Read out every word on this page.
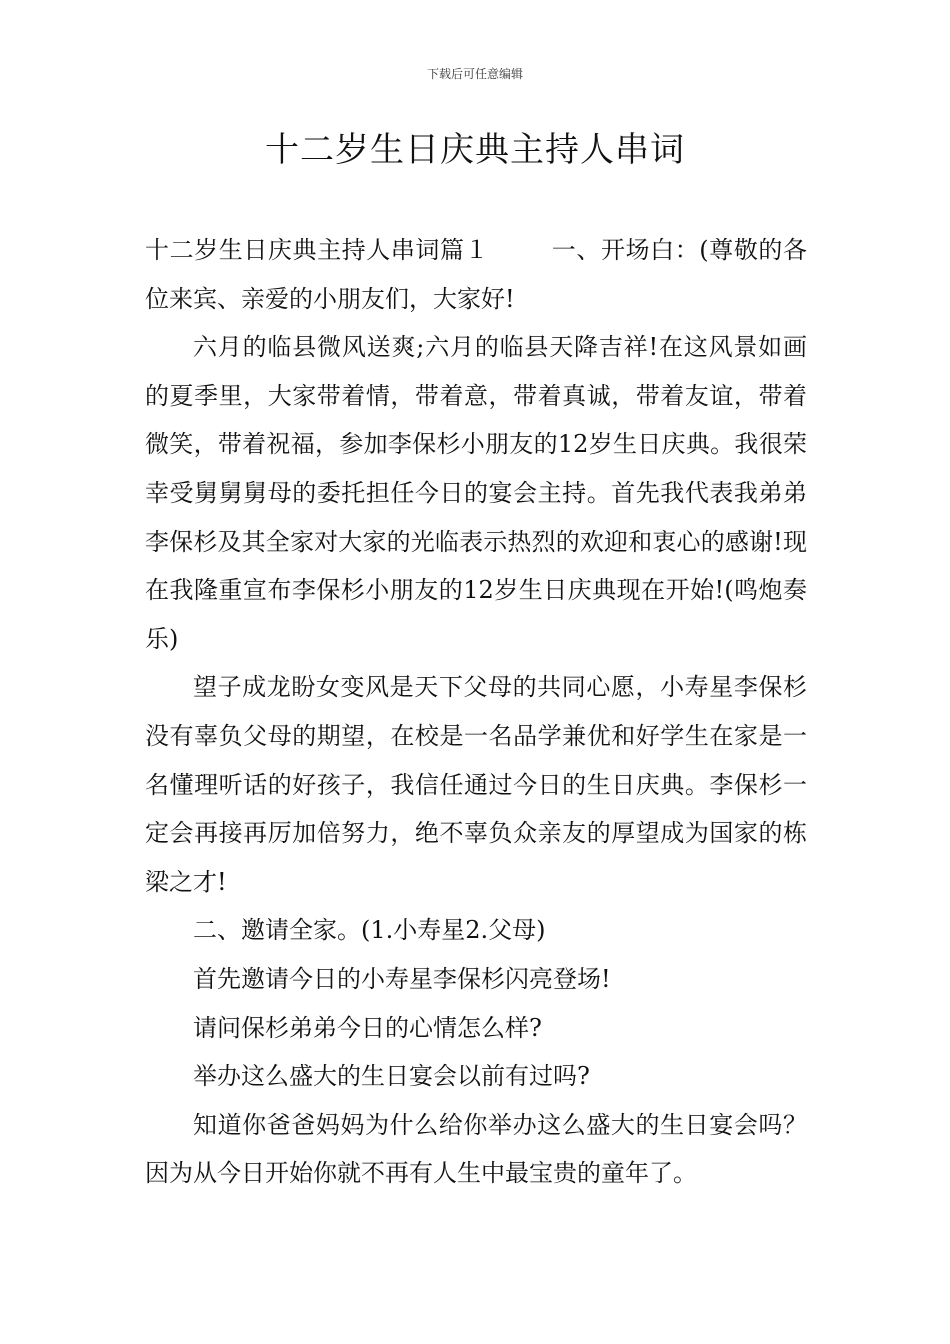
下载后可任意编辑
十二岁生日庆典主持人串词

十二岁生日庆典主持人串词篇１	一、开场白：(尊敬的各位来宾、亲爱的小朋友们，大家好!

六月的临县微风送爽;六月的临县天降吉祥!在这风景如画的夏季里，大家带着情，带着意，带着真诚，带着友谊，带着微笑，带着祝福，参加李保杉小朋友的12岁生日庆典。我很荣幸受舅舅舅母的委托担任今日的宴会主持。首先我代表我弟弟李保杉及其全家对大家的光临表示热烈的欢迎和衷心的感谢!现在我隆重宣布李保杉小朋友的12岁生日庆典现在开始!(鸣炮奏乐)

望子成龙盼女变风是天下父母的共同心愿，小寿星李保杉没有辜负父母的期望，在校是一名品学兼优和好学生在家是一名懂理听话的好孩子，我信任通过今日的生日庆典。李保杉一定会再接再厉加倍努力，绝不辜负众亲友的厚望成为国家的栋梁之才!

二、邀请全家。(1.小寿星2.父母)

首先邀请今日的小寿星李保杉闪亮登场!

请问保杉弟弟今日的心情怎么样?

举办这么盛大的生日宴会以前有过吗?

知道你爸爸妈妈为什么给你举办这么盛大的生日宴会吗？因为从今日开始你就不再有人生中最宝贵的童年了。
